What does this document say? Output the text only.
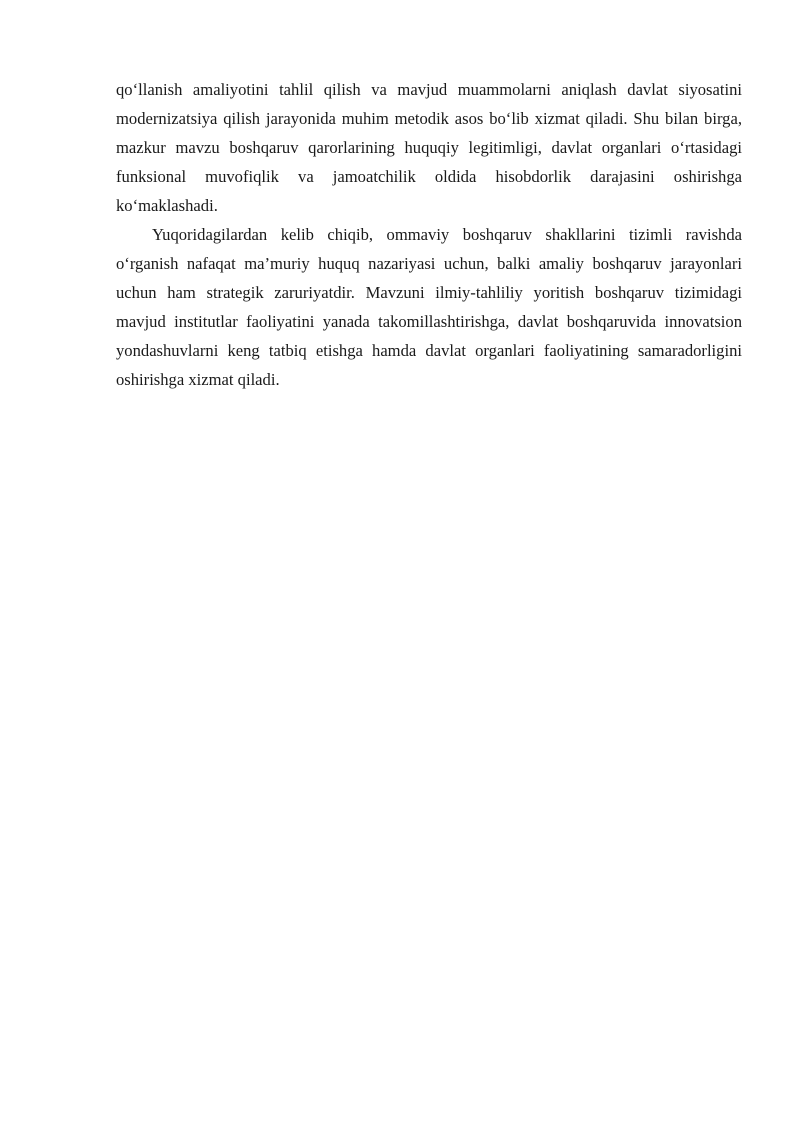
qo‘llanish amaliyotini tahlil qilish va mavjud muammolarni aniqlash davlat siyosatini modernizatsiya qilish jarayonida muhim metodik asos bo‘lib xizmat qiladi. Shu bilan birga, mazkur mavzu boshqaruv qarorlarining huquqiy legitimligi, davlat organlari o‘rtasidagi funksional muvofiqlik va jamoatchilik oldida hisobdorlik darajasini oshirishga ko‘maklashadi.

Yuqoridagilardan kelib chiqib, ommaviy boshqaruv shakllarini tizimli ravishda o‘rganish nafaqat ma’muriy huquq nazariyasi uchun, balki amaliy boshqaruv jarayonlari uchun ham strategik zaruriyatdir. Mavzuni ilmiy-tahliliy yoritish boshqaruv tizimidagi mavjud institutlar faoliyatini yanada takomillashtirishga, davlat boshqaruvida innovatsion yondashuvlarni keng tatbiq etishga hamda davlat organlari faoliyatining samaradorligini oshirishga xizmat qiladi.
